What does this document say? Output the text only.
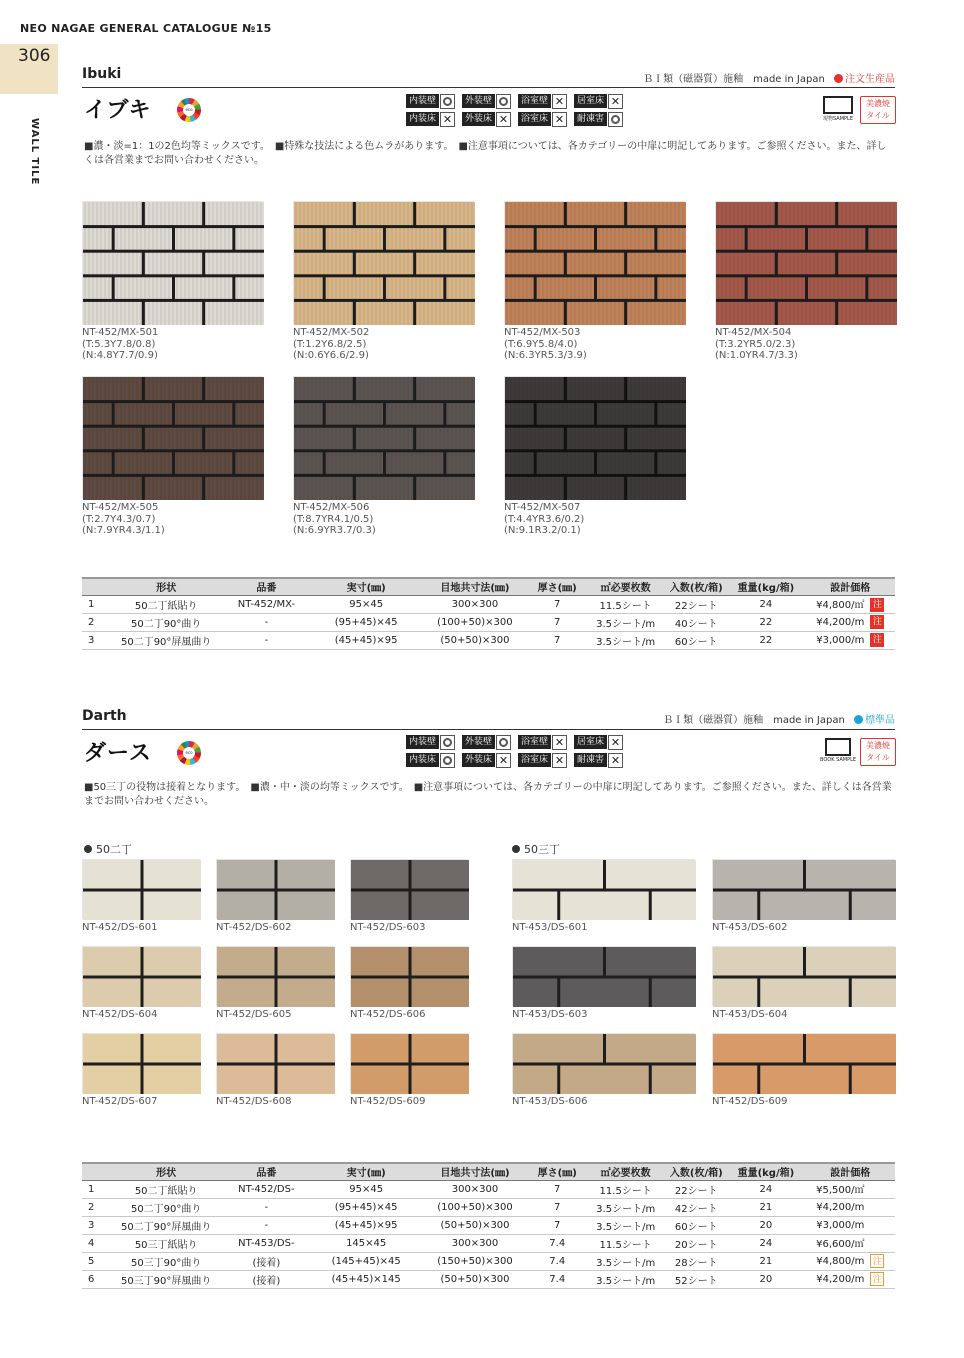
NEO NAGAE GENERAL CATALOGUE №15
306
WALL TILE
Ibuki	ＢＩ類（磁器質）施釉　made in Japan 注文生産品
イブキ	eco
内装壁	外装壁	浴室壁 ✕	居室床 ✕
内装床 ✕	外装床 ✕	浴室床 ✕	耐凍害	現物SAMPLE
美濃焼
タイル
■濃・淡=1：1の2色均等ミックスです。　■特殊な技法による色ムラがあります。　■注意事項については、各カテゴリーの中扉に明記してあります。ご参照ください。また、詳しくは各営業までお問い合わせください。
NT-452/MX-501
(T:5.3Y7.8/0.8)
(N:4.8Y7.7/0.9)
NT-452/MX-502
(T:1.2Y6.8/2.5)
(N:0.6Y6.6/2.9)
NT-452/MX-503
(T:6.9Y5.8/4.0)
(N:6.3YR5.3/3.9)
NT-452/MX-504
(T:3.2YR5.0/2.3)
(N:1.0YR4.7/3.3)
NT-452/MX-505
(T:2.7Y4.3/0.7)
(N:7.9YR4.3/1.1)
NT-452/MX-506
(T:8.7YR4.1/0.5)
(N:6.9YR3.7/0.3)
NT-452/MX-507
(T:4.4YR3.6/0.2)
(N:9.1R3.2/0.1)
	形状	品番	実寸(㎜)	目地共寸法(㎜)	厚さ(㎜)	㎡必要枚数	入数(枚/箱)	重量(kg/箱)	設計価格
1	50二丁紙貼り	NT-452/MX-	95×45	300×300	7	11.5シート	22シート	24	¥4,800/㎡ 注
2	50二丁90°曲り	-	(95+45)×45	(100+50)×300	7	3.5シート/m	40シート	22	¥4,200/m 注
3	50二丁90°屏風曲り	-	(45+45)×95	(50+50)×300	7	3.5シート/m	60シート	22	¥3,000/m 注
Darth	ＢＩ類（磁器質）施釉　made in Japan 標準品
ダース	eco
内装壁	外装壁	浴室壁 ✕	居室床 ✕
内装床	外装床 ✕	浴室床 ✕	耐凍害 ✕	BOOK SAMPLE
美濃焼
タイル
■50三丁の役物は接着となります。　■濃・中・淡の均等ミックスです。　■注意事項については、各カテゴリーの中扉に明記してあります。ご参照ください。また、詳しくは各営業までお問い合わせください。
50二丁	50三丁
NT-452/DS-601	NT-452/DS-602	NT-452/DS-603
NT-452/DS-604	NT-452/DS-605	NT-452/DS-606
NT-452/DS-607	NT-452/DS-608	NT-452/DS-609
NT-453/DS-601	NT-453/DS-602
NT-453/DS-603	NT-453/DS-604
NT-453/DS-606	NT-452/DS-609
	形状	品番	実寸(㎜)	目地共寸法(㎜)	厚さ(㎜)	㎡必要枚数	入数(枚/箱)	重量(kg/箱)	設計価格
1	50二丁紙貼り	NT-452/DS-	95×45	300×300	7	11.5シート	22シート	24	¥5,500/㎡
2	50二丁90°曲り	-	(95+45)×45	(100+50)×300	7	3.5シート/m	42シート	21	¥4,200/m
3	50二丁90°屏風曲り	-	(45+45)×95	(50+50)×300	7	3.5シート/m	60シート	20	¥3,000/m
4	50三丁紙貼り	NT-453/DS-	145×45	300×300	7.4	11.5シート	20シート	24	¥6,600/㎡
5	50三丁90°曲り	(接着)	(145+45)×45	(150+50)×300	7.4	3.5シート/m	28シート	21	¥4,800/m 注
6	50三丁90°屏風曲り	(接着)	(45+45)×145	(50+50)×300	7.4	3.5シート/m	52シート	20	¥4,200/m 注
